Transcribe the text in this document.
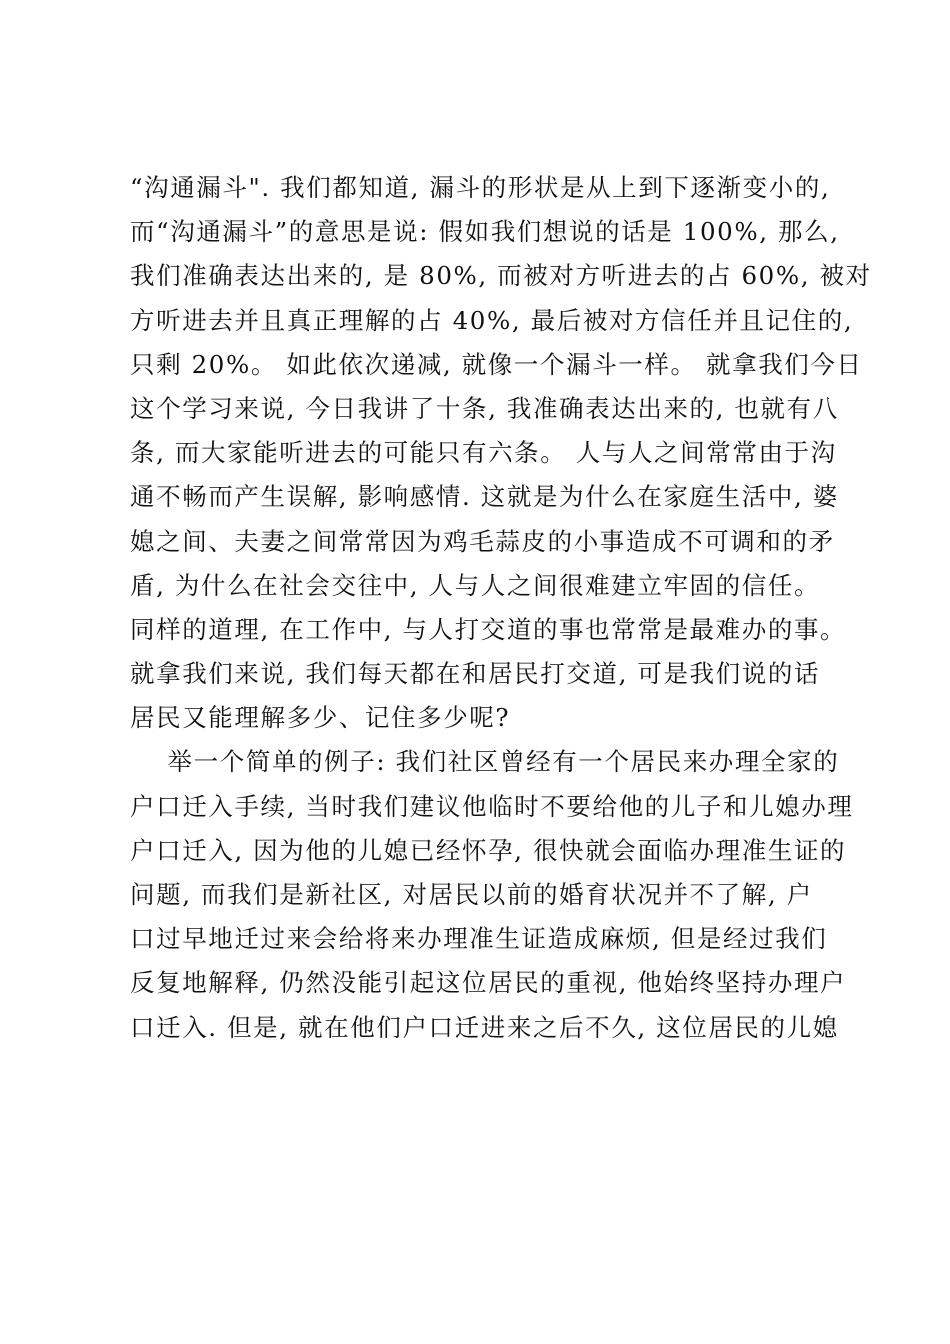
“沟通漏斗". 我们都知道, 漏斗的形状是从上到下逐渐变小的,
而“沟通漏斗”的意思是说: 假如我们想说的话是 100%, 那么,
我们准确表达出来的, 是 80%, 而被对方听进去的占 60%, 被对
方听进去并且真正理解的占 40%, 最后被对方信任并且记住的,
只剩 20%。 如此依次递减, 就像一个漏斗一样。 就拿我们今日
这个学习来说, 今日我讲了十条, 我准确表达出来的, 也就有八
条, 而大家能听进去的可能只有六条。 人与人之间常常由于沟
通不畅而产生误解, 影响感情. 这就是为什么在家庭生活中, 婆
媳之间、夫妻之间常常因为鸡毛蒜皮的小事造成不可调和的矛
盾, 为什么在社会交往中, 人与人之间很难建立牢固的信任。
同样的道理, 在工作中, 与人打交道的事也常常是最难办的事。
就拿我们来说, 我们每天都在和居民打交道, 可是我们说的话
居民又能理解多少、记住多少呢?
举一个简单的例子: 我们社区曾经有一个居民来办理全家的
户口迁入手续, 当时我们建议他临时不要给他的儿子和儿媳办理
户口迁入, 因为他的儿媳已经怀孕, 很快就会面临办理准生证的
问题, 而我们是新社区, 对居民以前的婚育状况并不了解, 户
口过早地迁过来会给将来办理准生证造成麻烦, 但是经过我们
反复地解释, 仍然没能引起这位居民的重视, 他始终坚持办理户
口迁入. 但是, 就在他们户口迁进来之后不久, 这位居民的儿媳
